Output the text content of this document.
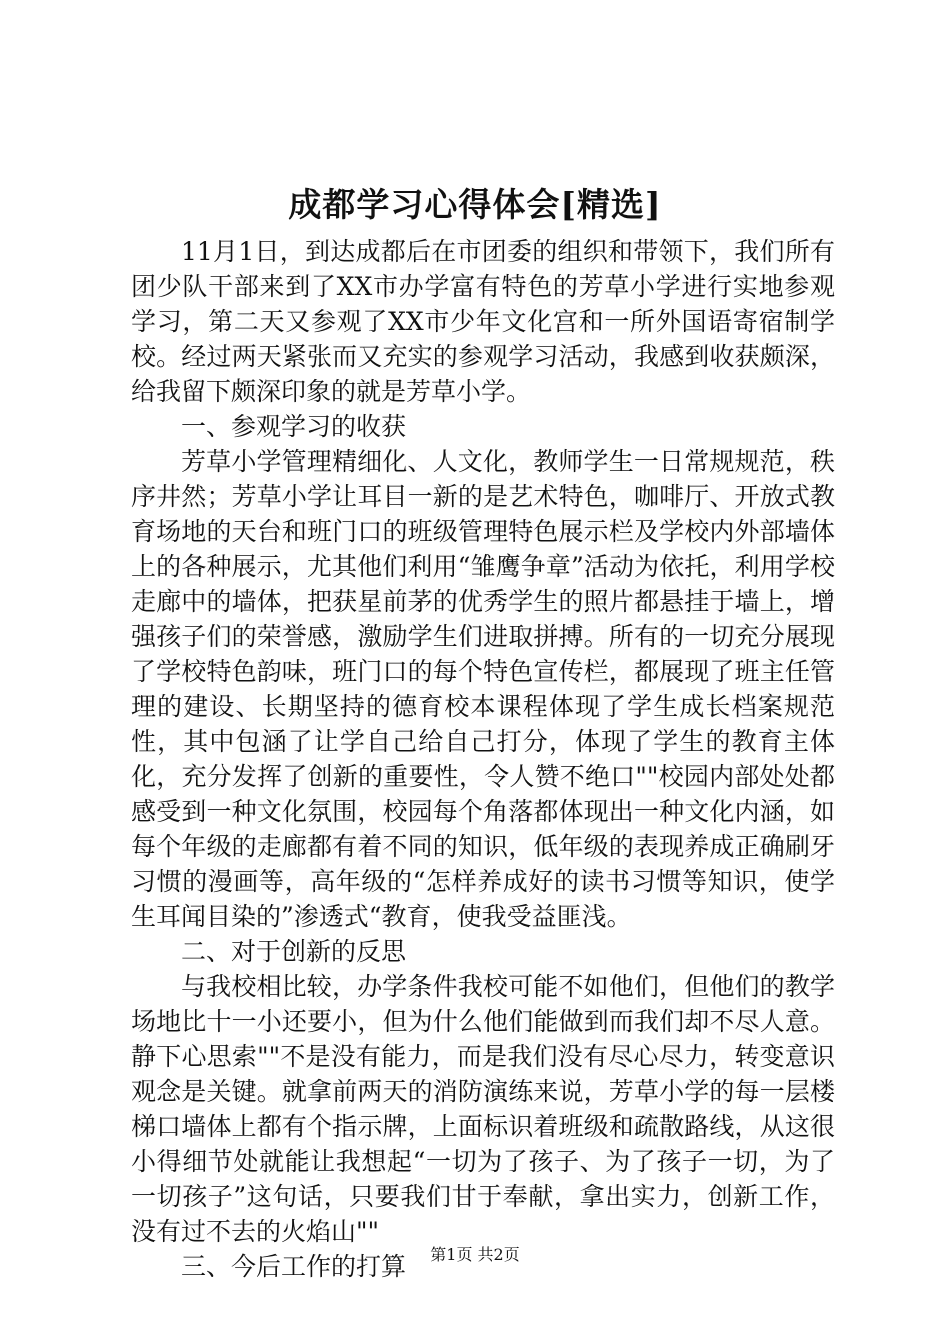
成都学习心得体会[精选]

11月1日，到达成都后在市团委的组织和带领下，我们所有团少队干部来到了XX市办学富有特色的芳草小学进行实地参观学习，第二天又参观了XX市少年文化宫和一所外国语寄宿制学校。经过两天紧张而又充实的参观学习活动，我感到收获颇深，给我留下颇深印象的就是芳草小学。

一、参观学习的收获

芳草小学管理精细化、人文化，教师学生一日常规规范，秩序井然；芳草小学让耳目一新的是艺术特色，咖啡厅、开放式教育场地的天台和班门口的班级管理特色展示栏及学校内外部墙体上的各种展示，尤其他们利用“雏鹰争章”活动为依托，利用学校走廊中的墙体，把获星前茅的优秀学生的照片都悬挂于墙上，增强孩子们的荣誉感，激励学生们进取拼搏。所有的一切充分展现了学校特色韵味，班门口的每个特色宣传栏，都展现了班主任管理的建设、长期坚持的德育校本课程体现了学生成长档案规范性，其中包涵了让学自己给自己打分，体现了学生的教育主体化，充分发挥了创新的重要性，令人赞不绝口""校园内部处处都感受到一种文化氛围，校园每个角落都体现出一种文化内涵，如每个年级的走廊都有着不同的知识，低年级的表现养成正确刷牙习惯的漫画等，高年级的“怎样养成好的读书习惯等知识，使学生耳闻目染的”渗透式“教育，使我受益匪浅。

二、对于创新的反思

与我校相比较，办学条件我校可能不如他们，但他们的教学场地比十一小还要小，但为什么他们能做到而我们却不尽人意。静下心思索""不是没有能力，而是我们没有尽心尽力，转变意识观念是关键。就拿前两天的消防演练来说，芳草小学的每一层楼梯口墙体上都有个指示牌，上面标识着班级和疏散路线，从这很小得细节处就能让我想起“一切为了孩子、为了孩子一切，为了一切孩子”这句话，只要我们甘于奉献，拿出实力，创新工作，没有过不去的火焰山""

三、今后工作的打算	第1页 共2页
